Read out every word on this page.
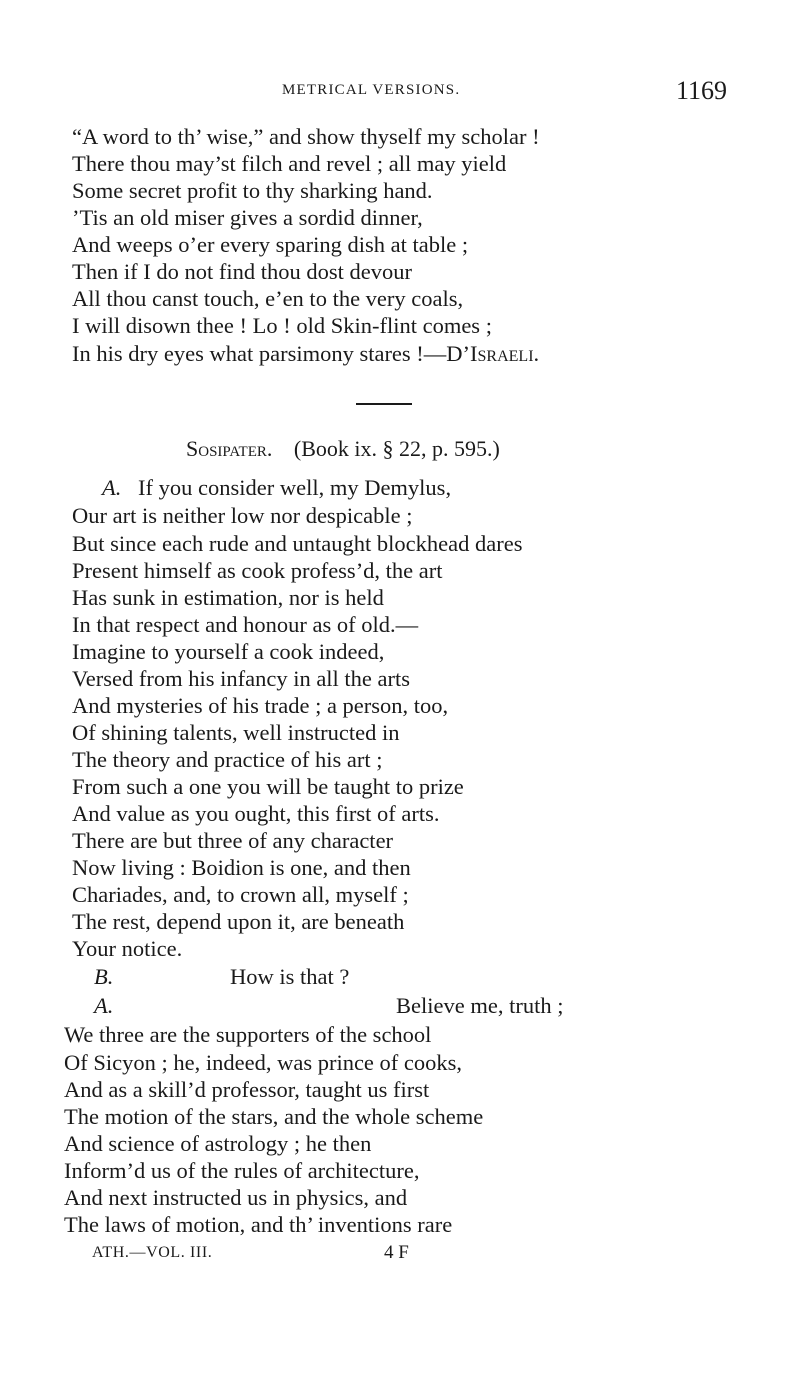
METRICAL VERSIONS.	1169
“A word to th’ wise,” and show thyself my scholar !
There thou may’st filch and revel ; all may yield
Some secret profit to thy sharking hand.
’Tis an old miser gives a sordid dinner,
And weeps o’er every sparing dish at table ;
Then if I do not find thou dost devour
All thou canst touch, e’en to the very coals,
I will disown thee ! Lo ! old Skin-flint comes ;
In his dry eyes what parsimony stares !—D’Israeli.
Sosipater. (Book ix. § 22, p. 595.)
A. If you consider well, my Demylus,
Our art is neither low nor despicable ;
But since each rude and untaught blockhead dares
Present himself as cook profess’d, the art
Has sunk in estimation, nor is held
In that respect and honour as of old.—
Imagine to yourself a cook indeed,
Versed from his infancy in all the arts
And mysteries of his trade ; a person, too,
Of shining talents, well instructed in
The theory and practice of his art ;
From such a one you will be taught to prize
And value as you ought, this first of arts.
There are but three of any character
Now living : Boidion is one, and then
Chariades, and, to crown all, myself ;
The rest, depend upon it, are beneath
Your notice.
B.	How is that ?
A.	Believe me, truth ;
We three are the supporters of the school
Of Sicyon ; he, indeed, was prince of cooks,
And as a skill’d professor, taught us first
The motion of the stars, and the whole scheme
And science of astrology ; he then
Inform’d us of the rules of architecture,
And next instructed us in physics, and
The laws of motion, and th’ inventions rare
ATH.—VOL. III.	4 F
